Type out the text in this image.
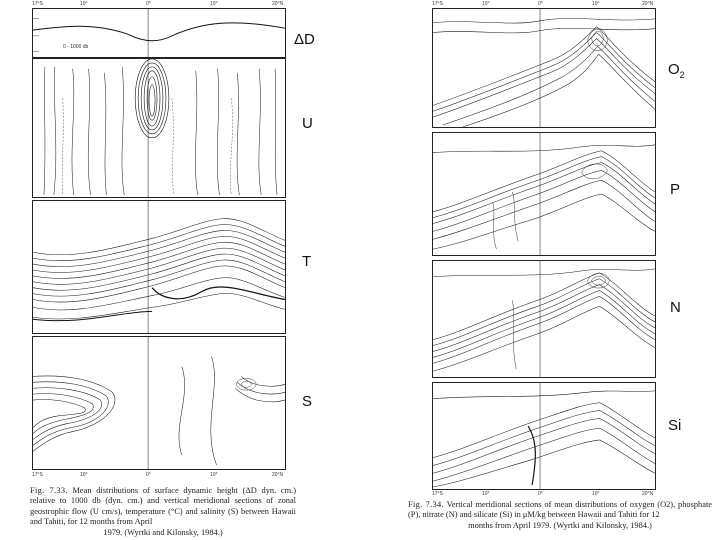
0 - 1000 db
17°S	10°	0°	10°	20°N
17°S	10°	0°	10°	20°N
ΔD
U
T
S
Fig. 7.33. Mean distributions of surface dynamic height (ΔD dyn. cm.) relative to 1000 db (dyn. cm.) and vertical meridional sections of zonal geostrophic flow (U cm/s), temperature (°C) and salinity (S) between Hawaii and Tahiti, for 12 months from April
1979. (Wyrtki and Kilonsky, 1984.)
17°S	10°	0°	10°	20°N
17°S	10°	0°	10°	20°N
$O_2$
P
N
Si
Fig. 7.34. Vertical meridional sections of mean distributions of oxygen (O2), phosphate (P), nitrate (N) and silicate (Si) in μM/kg between Hawaii and Tahiti for 12
months from April 1979. (Wyrtki and Kilonsky, 1984.)
